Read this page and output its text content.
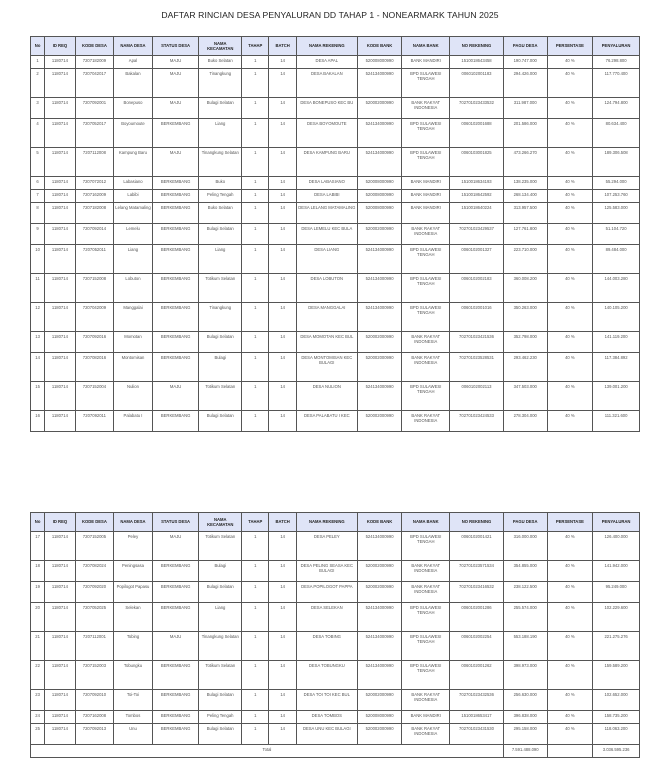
DAFTAR RINCIAN DESA PENYALURAN DD TAHAP 1 - NONEARMARK TAHUN 2025
No	ID REQ	KODE DESA	NAMA DESA	STATUS DESA	NAMA KECAMATAN	TAHAP	BATCH	NAMA REKENING	KODE BANK	NAMA BANK	NO REKENING	PAGU DESA	PERSENTASE	PENYALURAN
1	1180714	7207182009	Apal	MAJU	Buko Selatan	1	14	DESA APAL	520008000990	BANK MANDIRI	1510018643458	190.747.000	40 %	76.298.800
2	1180714	7207042017	Bakalan	MAJU	Tinangkung	1	14	DESA BAKALAN	524134000990	BPD SULAWESI TENGAH	0060102001183	294.426.000	40 %	117.770.400
3	1180714	7207092001	Bonepuso	MAJU	Bulagi Selatan	1	14	DESA BONEPUSO KEC BU	520002000990	BANK RAKYAT INDONESIA	702701023433532	311.987.000	40 %	124.794.800
4	1180714	7207052017	Boyoumoute	BERKEMBANG	Liang	1	14	DESA BOYOMOUTE	524134000990	BPD SULAWESI TENGAH	0060102001688	201.586.000	40 %	80.634.400
5	1180714	7207112008	Kampung Baru	MAJU	Tinangkung Selatan	1	14	DESA KAMPUNG BARU	524134000990	BPD SULAWESI TENGAH	0060103001825	473.266.270	40 %	189.306.508
6	1180714	7207072012	Labasiano	BERKEMBANG	Buko	1	14	DESA LABASIANO	520008000990	BANK MANDIRI	1510018634193	138.235.000	40 %	55.294.000
7	1180714	7207162009	Labibi	BERKEMBANG	Peling Tengah	1	14	DESA LABIBI	520008000990	BANK MANDIRI	1510018642592	268.134.400	40 %	107.253.760
8	1180714	7207182008	Lelang Matamaling	BERKEMBANG	Buko Selatan	1	14	DESA LELANG MATAMALING	520008000990	BANK MANDIRI	1510018640224	313.957.500	40 %	125.583.000
9	1180714	7207092014	Lemelu	BERKEMBANG	Bulagi Selatan	1	14	DESA LEMELU KEC BULA	520002000990	BANK RAKYAT INDONESIA	702701023429537	127.761.800	40 %	51.104.720
10	1180714	7207052011	Liang	BERKEMBANG	Liang	1	14	DESA LIANG	524134000990	BPD SULAWESI TENGAH	0060102001327	223.710.000	40 %	89.484.000
11	1180714	7207152008	Lobuton	BERKEMBANG	Totikum Selatan	1	14	DESA LOBUTON	524134000990	BPD SULAWESI TENGAH	0060102002183	360.008.200	40 %	144.003.280
12	1180714	7207042009	Manggalai	BERKEMBANG	Tinangkung	1	14	DESA MANGGALAI	524134000990	BPD SULAWESI TENGAH	0060102001016	350.263.000	40 %	140.105.200
13	1180714	7207092016	Momotan	BERKEMBANG	Bulagi Selatan	1	14	DESA MOMOTAN KEC BUL	520002000990	BANK RAKYAT INDONESIA	702701023421536	352.798.000	40 %	141.119.200
14	1180714	7207082016	Montomisan	BERKEMBANG	Bulagi	1	14	DESA MONTOMISAN KEC BULAGI	520002000990	BANK RAKYAT INDONESIA	702701023528531	293.462.230	40 %	117.384.892
15	1180714	7207152004	Nulion	MAJU	Totikum Selatan	1	14	DESA NULION	524134000990	BPD SULAWESI TENGAH	0060102002113	347.503.000	40 %	139.001.200
16	1180714	7207092011	Palabatu I	BERKEMBANG	Bulagi Selatan	1	14	DESA PALABATU I KEC	520002000990	BANK RAKYAT INDONESIA	702701023424533	278.304.000	40 %	111.321.600
No	ID REQ	KODE DESA	NAMA DESA	STATUS DESA	NAMA KECAMATAN	TAHAP	BATCH	NAMA REKENING	KODE BANK	NAMA BANK	NO REKENING	PAGU DESA	PERSENTASE	PENYALURAN
17	1180714	7207152005	Peley	MAJU	Totikum Selatan	1	14	DESA PELEY	524134000990	BPD SULAWESI TENGAH	0060102001421	316.000.000	40 %	126.400.000
18	1180714	7207082024	Peningsasa	BERKEMBANG	Bulagi	1	14	DESA PELING SEASA KEC BULAGI	520002000990	BANK RAKYAT INDONESIA	702701023571534	354.855.000	40 %	141.942.000
19	1180714	7207092020	Popilogot Papasu	BERKEMBANG	Bulagi Selatan	1	14	DESA POPILOGOT PAPPA	520002000990	BANK RAKYAT INDONESIA	702701023416532	238.122.500	40 %	95.249.000
20	1180714	7207052025	Selekan	BERKEMBANG	Liang	1	14	DESA SELEKAN	524134000990	BPD SULAWESI TENGAH	0060102001286	255.574.000	40 %	102.229.600
21	1180714	7207112001	Tobing	MAJU	Tinangkung Selatan	1	14	DESA TOBING	524134000990	BPD SULAWESI TENGAH	0060102002254	553.188.190	40 %	221.275.276
22	1180714	7207152003	Tobungku	BERKEMBANG	Totikum Selatan	1	14	DESA TOBUNGKU	524134000990	BPD SULAWESI TENGAH	0060102001262	398.973.000	40 %	159.589.200
23	1180714	7207092010	Toi-Toi	BERKEMBANG	Bulagi Selatan	1	14	DESA TOI TOI KEC BUL	520002000990	BANK RAKYAT INDONESIA	702701023432536	256.630.000	40 %	102.652.000
24	1180714	7207162008	Tombos	BERKEMBANG	Peling Tengah	1	14	DESA TOMBOS	520008000990	BANK MANDIRI	1510018653417	396.838.000	40 %	158.735.200
25	1180714	7207092013	Unu	BERKEMBANG	Bulagi Selatan	1	14	DESA UNU KEC BULAGI	520002000990	BANK RAKYAT INDONESIA	702701023431530	295.158.000	40 %	118.063.200
Total												7.591.488.090		3.036.595.236
